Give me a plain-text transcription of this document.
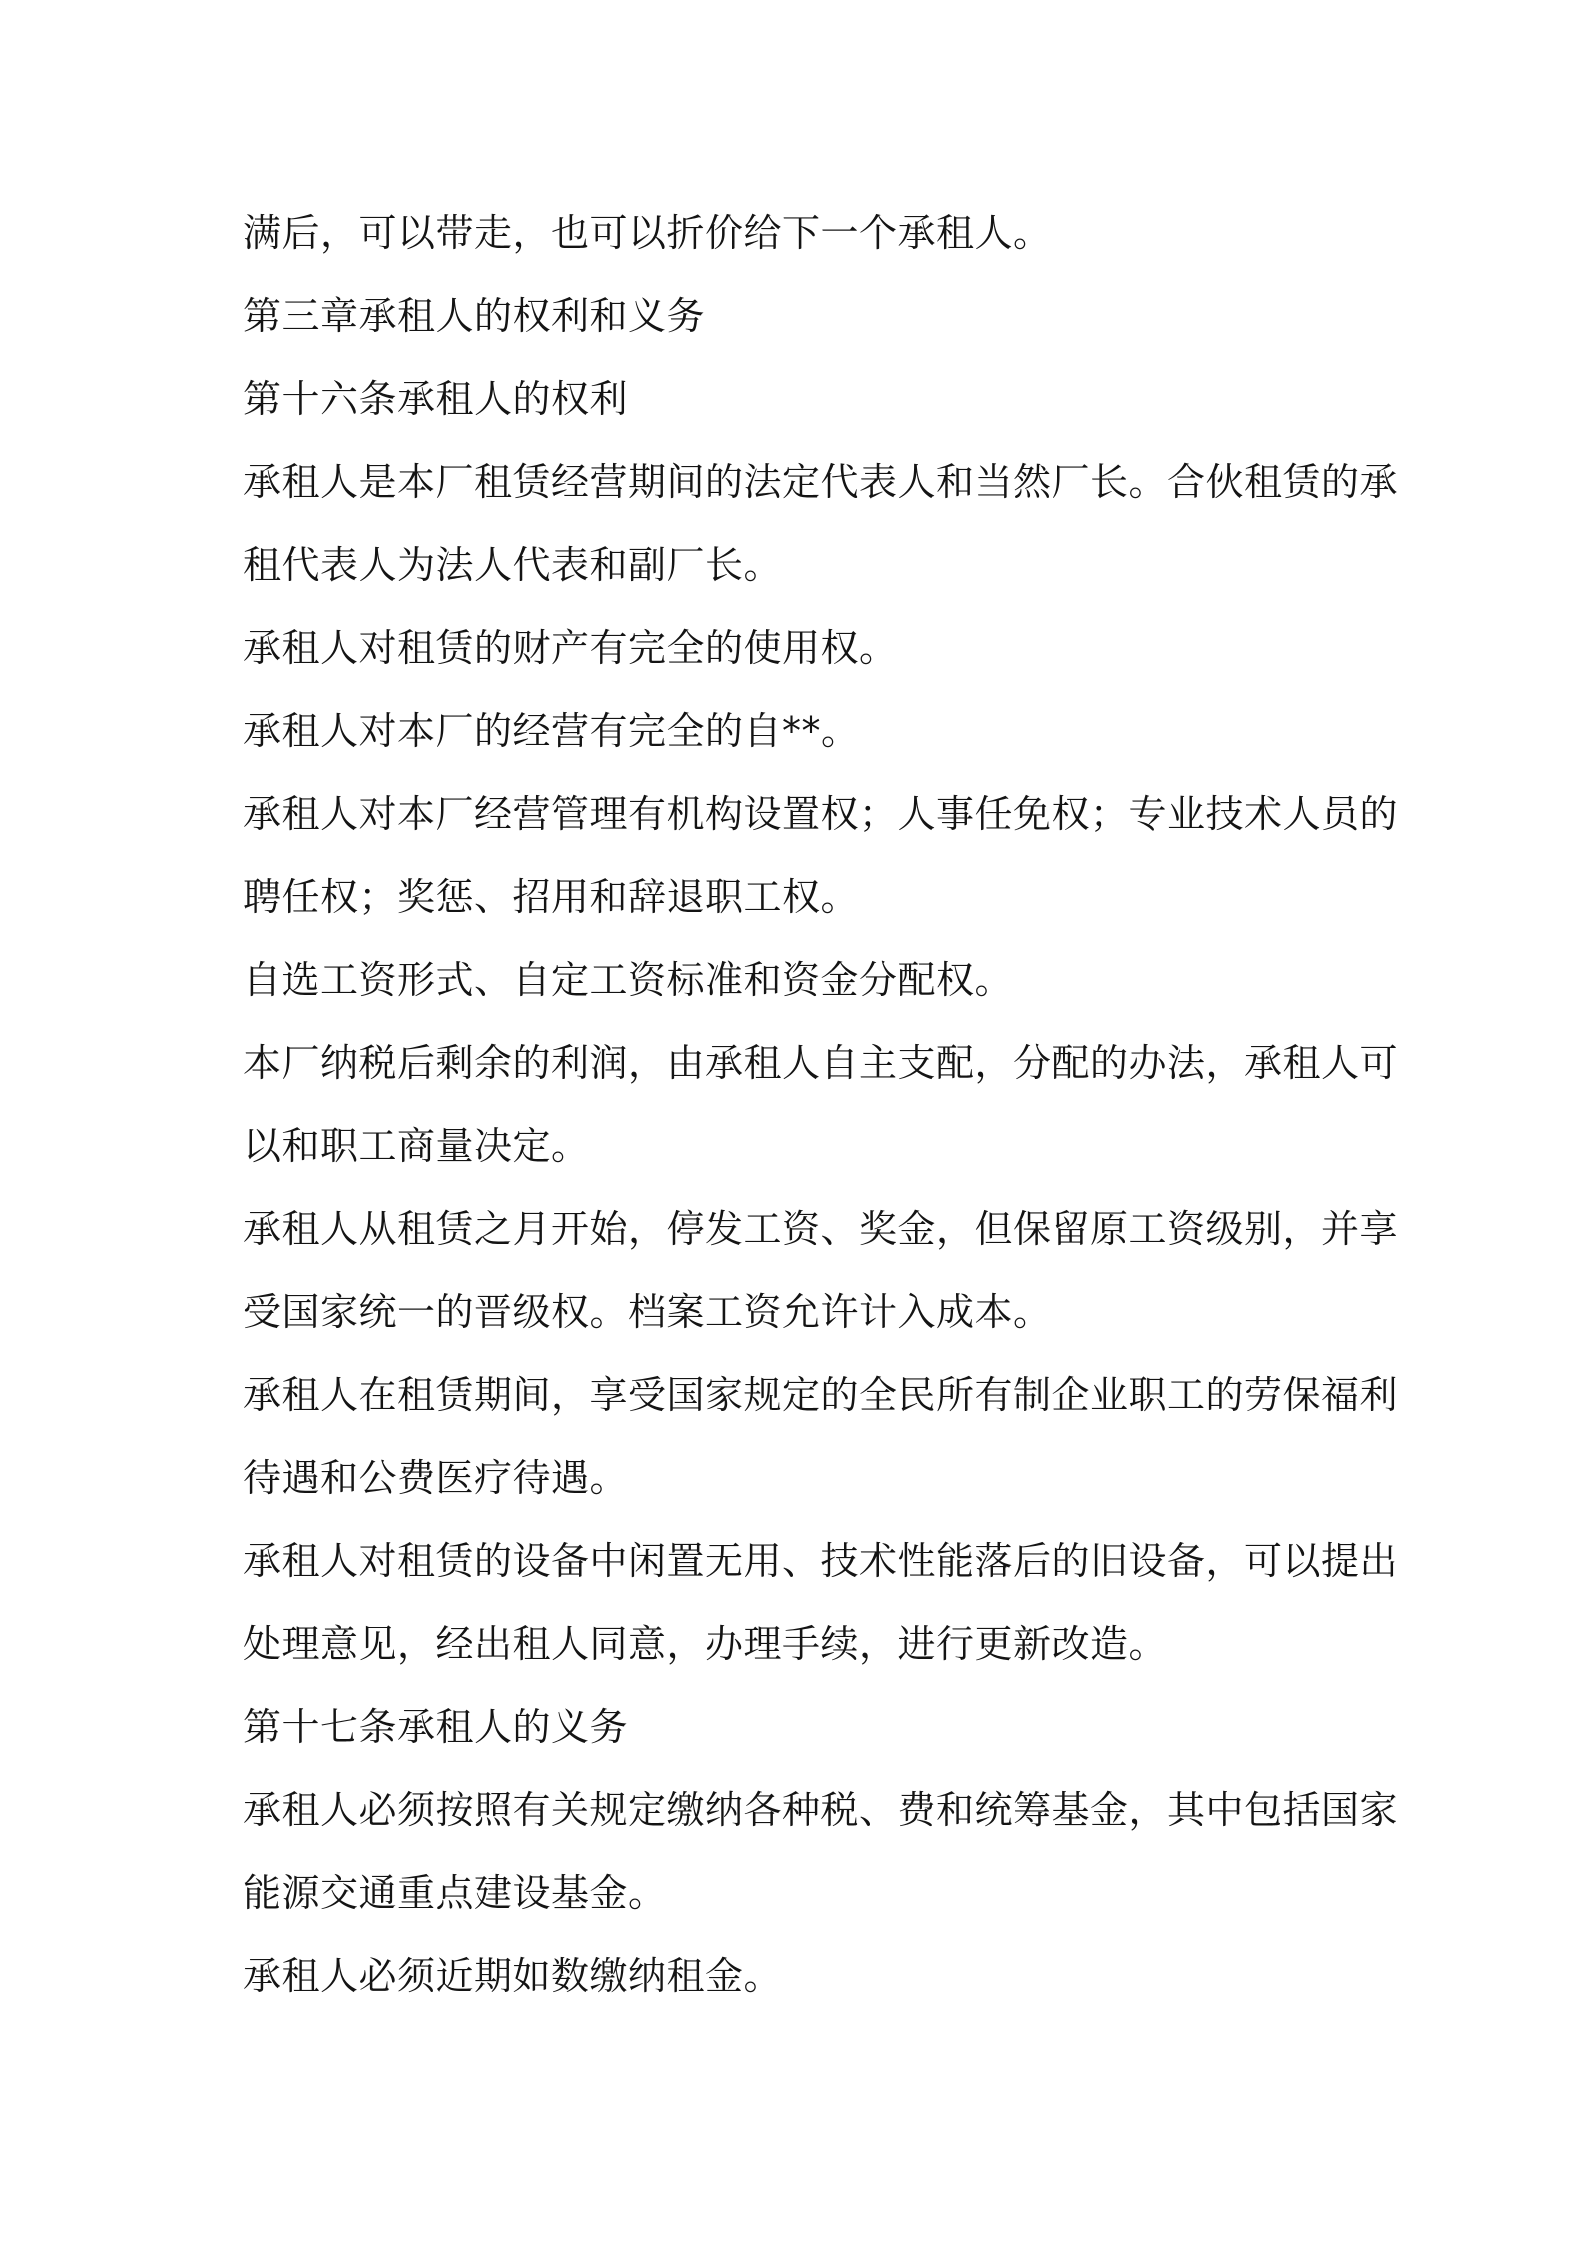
满后，可以带走，也可以折价给下一个承租人。
第三章承租人的权利和义务
第十六条承租人的权利
承租人是本厂租赁经营期间的法定代表人和当然厂长。合伙租赁的承
租代表人为法人代表和副厂长。
承租人对租赁的财产有完全的使用权。
承租人对本厂的经营有完全的自**。
承租人对本厂经营管理有机构设置权；人事任免权；专业技术人员的
聘任权；奖惩、招用和辞退职工权。
自选工资形式、自定工资标准和资金分配权。
本厂纳税后剩余的利润，由承租人自主支配，分配的办法，承租人可
以和职工商量决定。
承租人从租赁之月开始，停发工资、奖金，但保留原工资级别，并享
受国家统一的晋级权。档案工资允许计入成本。
承租人在租赁期间，享受国家规定的全民所有制企业职工的劳保福利
待遇和公费医疗待遇。
承租人对租赁的设备中闲置无用、技术性能落后的旧设备，可以提出
处理意见，经出租人同意，办理手续，进行更新改造。
第十七条承租人的义务
承租人必须按照有关规定缴纳各种税、费和统筹基金，其中包括国家
能源交通重点建设基金。
承租人必须近期如数缴纳租金。
